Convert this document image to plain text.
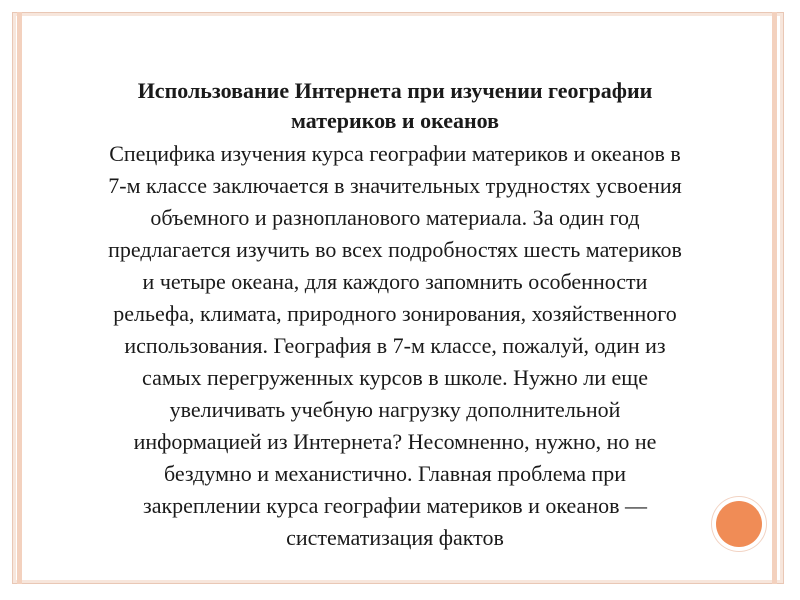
Использование Интернета при изучении географии
материков и океанов

Специфика изучения курса географии материков и океанов в
7-м классе заключается в значительных трудностях усвоения
объемного и разнопланового материала. За один год
предлагается изучить во всех подробностях шесть материков
и четыре океана, для каждого запомнить особенности
рельефа, климата, природного зонирования, хозяйственного
использования. География в 7-м классе, пожалуй, один из
самых перегруженных курсов в школе. Нужно ли еще
увеличивать учебную нагрузку дополнительной
информацией из Интернета? Несомненно, нужно, но не
бездумно и механистично. Главная проблема при
закреплении курса географии материков и океанов —
систематизация фактов
